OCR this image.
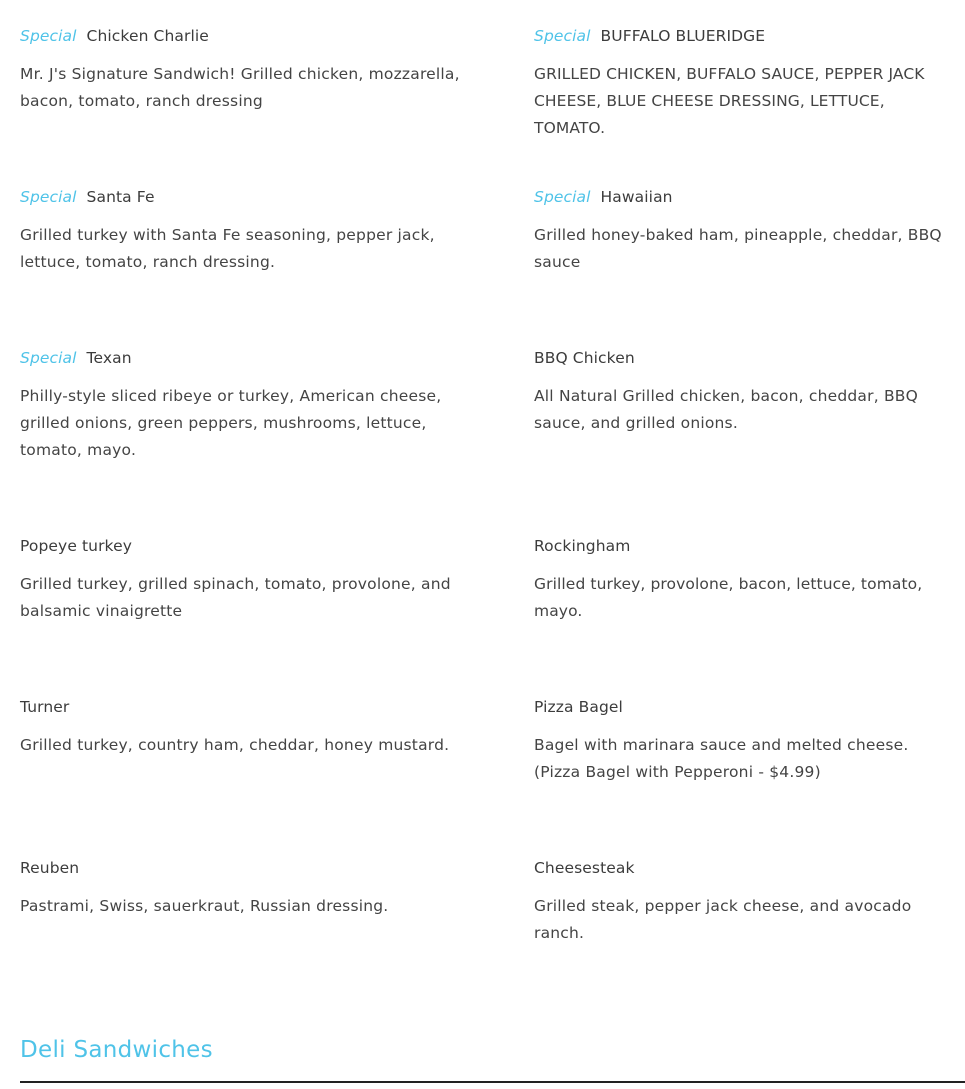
Special Chicken Charlie
Mr. J's Signature Sandwich! Grilled chicken, mozzarella, bacon, tomato, ranch dressing
Special BUFFALO BLUERIDGE
GRILLED CHICKEN, BUFFALO SAUCE, PEPPER JACK CHEESE, BLUE CHEESE DRESSING, LETTUCE, TOMATO.
Special Santa Fe
Grilled turkey with Santa Fe seasoning, pepper jack, lettuce, tomato, ranch dressing.
Special Hawaiian
Grilled honey-baked ham, pineapple, cheddar, BBQ sauce
Special Texan
Philly-style sliced ribeye or turkey, American cheese, grilled onions, green peppers, mushrooms, lettuce, tomato, mayo.
BBQ Chicken
All Natural Grilled chicken, bacon, cheddar, BBQ sauce, and grilled onions.
Popeye turkey
Grilled turkey, grilled spinach, tomato, provolone, and balsamic vinaigrette
Rockingham
Grilled turkey, provolone, bacon, lettuce, tomato, mayo.
Turner
Grilled turkey, country ham, cheddar, honey mustard.
Pizza Bagel
Bagel with marinara sauce and melted cheese. (Pizza Bagel with Pepperoni - $4.99)
Reuben
Pastrami, Swiss, sauerkraut, Russian dressing.
Cheesesteak
Grilled steak, pepper jack cheese, and avocado ranch.
Deli Sandwiches
